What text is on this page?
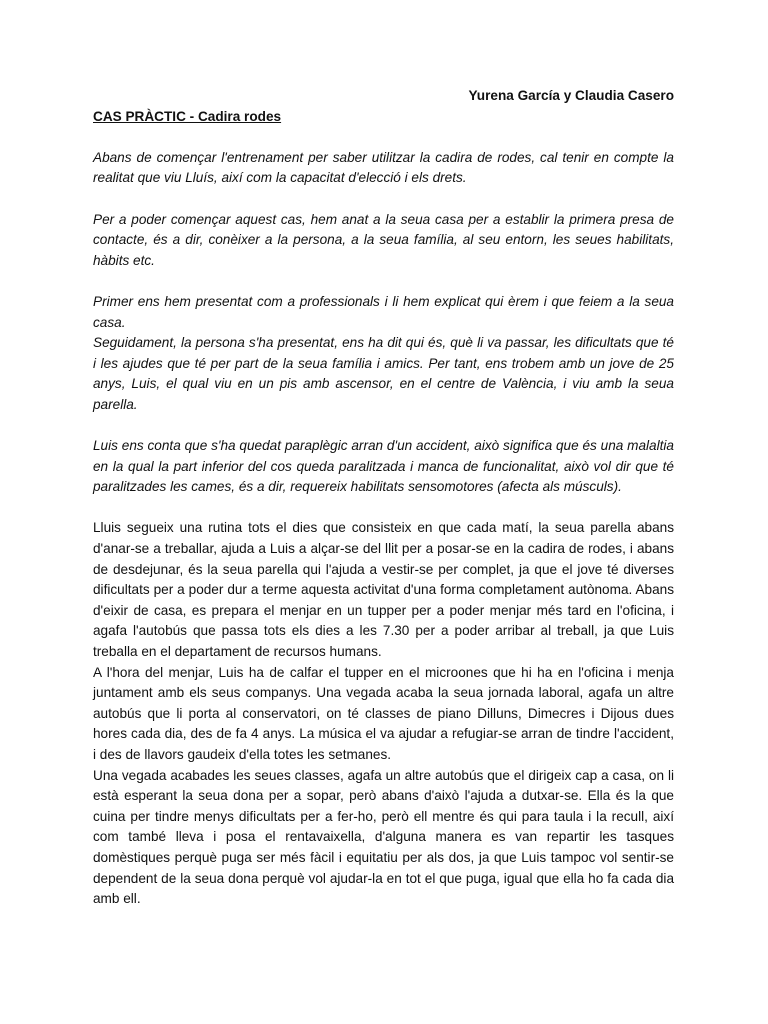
Yurena García y Claudia Casero

CAS PRÀCTIC - Cadira rodes

Abans de començar l'entrenament per saber utilitzar la cadira de rodes, cal tenir en compte la realitat que viu Lluís, així com la capacitat d'elecció i els drets.

Per a poder començar aquest cas, hem anat a la seua casa per a establir la primera presa de contacte, és a dir, conèixer a la persona, a la seua família, al seu entorn, les seues habilitats, hàbits etc.

Primer ens hem presentat com a professionals i li hem explicat qui èrem i que feiem a la seua casa.

Seguidament, la persona s'ha presentat, ens ha dit qui és, què li va passar, les dificultats que té i les ajudes que té per part de la seua família i amics. Per tant, ens trobem amb un jove de 25 anys, Luis, el qual viu en un pis amb ascensor, en el centre de València, i viu amb la seua parella.

Luis ens conta que s'ha quedat paraplègic arran d'un accident, això significa que és una malaltia en la qual la part inferior del cos queda paralitzada i manca de funcionalitat, això vol dir que té paralitzades les cames, és a dir, requereix habilitats sensomotores (afecta als músculs).

Lluis segueix una rutina tots el dies que consisteix en que cada matí, la seua parella abans d'anar-se a treballar, ajuda a Luis a alçar-se del llit per a posar-se en la cadira de rodes, i abans de desdejunar, és la seua parella qui l'ajuda a vestir-se per complet, ja que el jove té diverses dificultats per a poder dur a terme aquesta activitat d'una forma completament autònoma. Abans d'eixir de casa, es prepara el menjar en un tupper per a poder menjar més tard en l'oficina, i agafa l'autobús que passa tots els dies a les 7.30 per a poder arribar al treball, ja que Luis treballa en el departament de recursos humans.

A l'hora del menjar, Luis ha de calfar el tupper en el microones que hi ha en l'oficina i menja juntament amb els seus companys. Una vegada acaba la seua jornada laboral, agafa un altre autobús que li porta al conservatori, on té classes de piano Dilluns, Dimecres i Dijous dues hores cada dia, des de fa 4 anys. La música el va ajudar a refugiar-se arran de tindre l'accident, i des de llavors gaudeix d'ella totes les setmanes.

Una vegada acabades les seues classes, agafa un altre autobús que el dirigeix cap a casa, on li està esperant la seua dona per a sopar, però abans d'això l'ajuda a dutxar-se. Ella és la que cuina per tindre menys dificultats per a fer-ho, però ell mentre és qui para taula i la recull, així com també lleva i posa el rentavaixella, d'alguna manera es van repartir les tasques domèstiques perquè puga ser més fàcil i equitatiu per als dos, ja que Luis tampoc vol sentir-se dependent de la seua dona perquè vol ajudar-la en tot el que puga, igual que ella ho fa cada dia amb ell.
